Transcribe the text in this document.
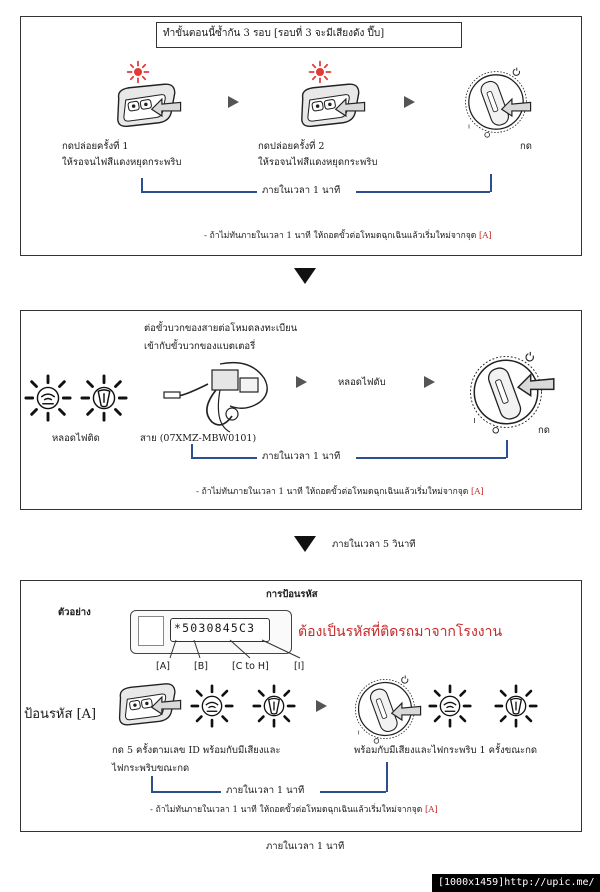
ทำขั้นตอนนี้ซ้ำกัน 3 รอบ [รอบที่ 3 จะมีเสียงดัง ปี๊บ]
กดปล่อยครั้งที่ 1
ให้รอจนไฟสีแดงหยุดกระพริบ
กดปล่อยครั้งที่ 2
ให้รอจนไฟสีแดงหยุดกระพริบ
กด
ภายในเวลา 1 นาที
- ถ้าไม่ทันภายในเวลา 1 นาที ให้ถอดขั้วต่อโหมดฉุกเฉินแล้วเริ่มใหม่จากจุด [A]
ต่อขั้วบวกของสายต่อโหมดลงทะเบียน
เข้ากับขั้วบวกของแบตเตอรี่
หลอดไฟติด	สาย (07XMZ-MBW0101)
หลอดไฟดับ
กด
ภายในเวลา 1 นาที
- ถ้าไม่ทันภายในเวลา 1 นาที ให้ถอดขั้วต่อโหมดฉุกเฉินแล้วเริ่มใหม่จากจุด [A]
ภายในเวลา 5 วินาที
การป้อนรหัส
ตัวอย่าง
*5030845C3	ต้องเป็นรหัสที่ติดรถมาจากโรงงาน
[A]	[B]	[C to H]	[I]
ป้อนรหัส [A]
กด 5 ครั้งตามเลข ID พร้อมกับมีเสียงและ
ไฟกระพริบขณะกด
พร้อมกับมีเสียงและไฟกระพริบ 1 ครั้งขณะกด
ภายในเวลา 1 นาที
- ถ้าไม่ทันภายในเวลา 1 นาที ให้ถอดขั้วต่อโหมดฉุกเฉินแล้วเริ่มใหม่จากจุด [A]
ภายในเวลา 1 นาที
[1000x1459]http://upic.me/
